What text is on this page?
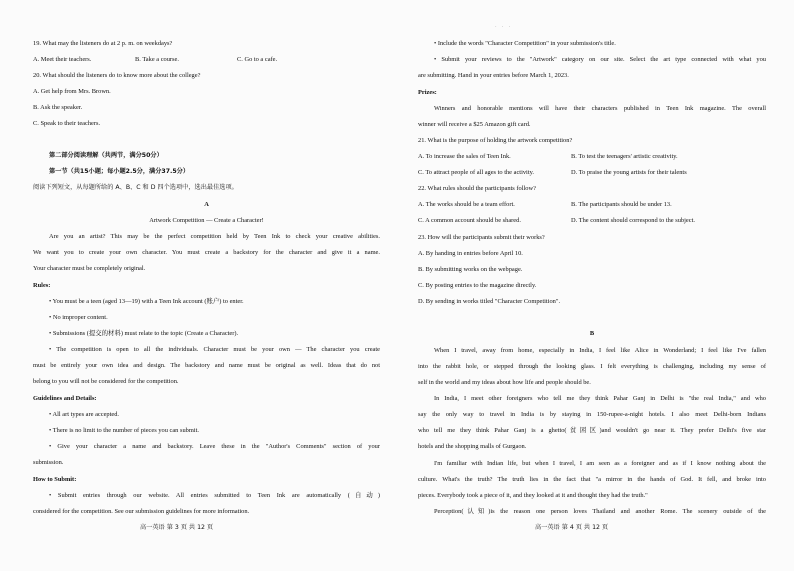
19. What may the listeners do at 2 p. m. on weekdays?
A. Meet their teachers.	B. Take a course.	C. Go to a cafe.
20. What should the listeners do to know more about the college?
A. Get help from Mrs. Brown.
B. Ask the speaker.
C. Speak to their teachers.
第二部分阅读理解（共两节，满分50分）
第一节（共15小题；每小题2.5分，满分37.5分）
阅读下列短文，从每题所给的 A、B、C 和 D 四个选项中，选出最佳选项。
A
Artwork Competition — Create a Character!
Are you an artist? This may be the perfect competition held by Teen Ink to check your creative abilities.
We want you to create your own character. You must create a backstory for the character and give it a name.
Your character must be completely original.
Rules:
• You must be a teen (aged 13—19) with a Teen Ink account (账户) to enter.
• No improper content.
• Submissions (提交的材料) must relate to the topic (Create a Character).
• The competition is open to all the individuals. Character must be your own — The character you create
must be entirely your own idea and design. The backstory and name must be original as well. Ideas that do not
belong to you will not be considered for the competition.
Guidelines and Details:
• All art types are accepted.
• There is no limit to the number of pieces you can submit.
• Give your character a name and backstory. Leave these in the "Author's Comments" section of your
submission.
How to Submit:
• Submit entries through our website. All entries submitted to Teen Ink are automatically (自动)
considered for the competition. See our submission guidelines for more information.
高一英语 第 3 页 共 12 页
· · ·
• Include the words "Character Competition" in your submission's title.
• Submit your reviews to the "Artwork" category on our site. Select the art type connected with what you
are submitting. Hand in your entries before March 1, 2023.
Prizes:
Winners and honorable mentions will have their characters published in Teen Ink magazine. The overall
winner will receive a $25 Amazon gift card.
21. What is the purpose of holding the artwork competition?
A. To increase the sales of Teen Ink.	B. To test the teenagers' artistic creativity.
C. To attract people of all ages to the activity.	D. To praise the young artists for their talents
22. What rules should the participants follow?
A. The works should be a team effort.	B. The participants should be under 13.
C. A common account should be shared.	D. The content should correspond to the subject.
23. How will the participants submit their works?
A. By handing in entries before April 10.
B. By submitting works on the webpage.
C. By posting entries to the magazine directly.
D. By sending in works titled "Character Competition".
B
When I travel, away from home, especially in India, I feel like Alice in Wonderland; I feel like I've fallen
into the rabbit hole, or stepped through the looking glass. I felt everything is challenging, including my sense of
self in the world and my ideas about how life and people should be.
In India, I meet other foreigners who tell me they think Pahar Ganj in Delhi is "the real India," and who
say the only way to travel in India is by staying in 150-rupee-a-night hotels. I also meet Delhi-born Indians
who tell me they think Pahar Ganj is a ghetto(贫困区)and wouldn't go near it. They prefer Delhi's five star
hotels and the shopping malls of Gurgaon.
I'm familiar with Indian life, but when I travel, I am seen as a foreigner and as if I know nothing about the
culture. What's the truth? The truth lies in the fact that "a mirror in the hands of God. It fell, and broke into
pieces. Everybody took a piece of it, and they looked at it and thought they had the truth."
Perception(认知)is the reason one person loves Thailand and another Rome. The scenery outside of the
高一英语 第 4 页 共 12 页
